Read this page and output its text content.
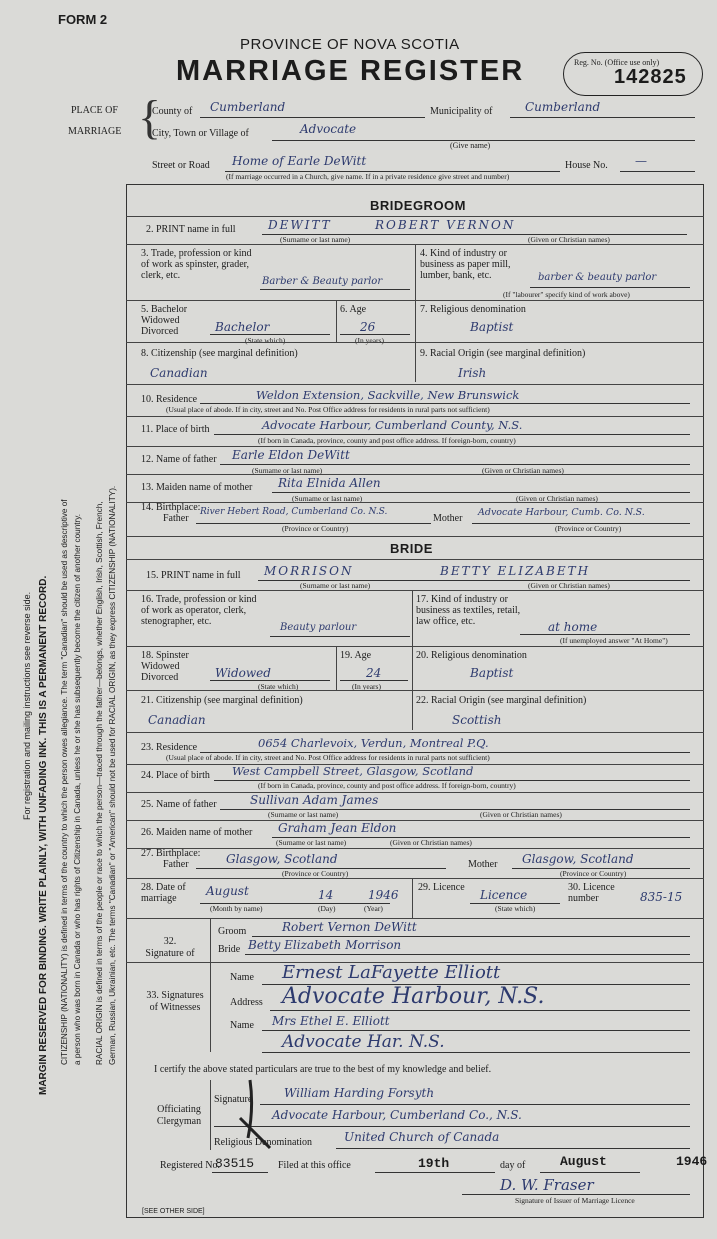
FORM 2
PROVINCE OF NOVA SCOTIA
MARRIAGE REGISTER	Reg. No. (Office use only)
142825
PLACE OF
MARRIAGE {
County of Cumberland	Municipality of	Cumberland
City, Town or Village of	Advocate
(Give name)
Street or Road Home of Earle DeWitt	House No. —
(If marriage occurred in a Church, give name. If in a private residence give street and number)
MARGIN RESERVED FOR BINDING. WRITE PLAINLY, WITH UNFADING INK. THIS IS A PERMANENT RECORD.
For registration and mailing instructions see reverse side.	CITIZENSHIP (NATIONALITY) is defined in terms of the country to which the person owes allegiance. The term "Canadian" should be used as descriptive of a person who was born in Canada or who has rights of Citizenship in Canada, unless he or she has subsequently become the citizen of another country. RACIAL ORIGIN is defined in terms of the people or race to which the person—traced through the father—belongs, whether English, Irish, Scottish, French, German, Russian, Ukrainian, etc. The terms "Canadian" or "American" should not be used for RACIAL ORIGIN, as they express CITIZENSHIP (NATIONALITY).
BRIDEGROOM
2. PRINT name in full	DEWITT	ROBERT VERNON
(Surname or last name)	(Given or Christian names)
3. Trade, profession or kind of work as spinster, grader, clerk, etc.
Barber & Beauty parlor
4. Kind of industry or business as paper mill, lumber, bank, etc.	barber & beauty parlor
(If "labourer" specify kind of work above)
5. Bachelor Widowed Divorced	Bachelor
(State which)
6. Age
26
(In years)
7. Religious denomination
Baptist
8. Citizenship (see marginal definition)
Canadian
9. Racial Origin (see marginal definition)
Irish
10. Residence	Weldon Extension, Sackville, New Brunswick
(Usual place of abode. If in city, street and No. Post Office address for residents in rural parts not sufficient)
11. Place of birth	Advocate Harbour, Cumberland County, N.S.
(If born in Canada, province, county and post office address. If foreign-born, country)
12. Name of father Earle Eldon DeWitt
(Surname or last name)	(Given or Christian names)
13. Maiden name of mother Rita Elnida Allen
(Surname or last name)	(Given or Christian names)
14. Birthplace:
Father
River Hebert Road, Cumberland Co. N.S.
(Province or Country)
Mother
Advocate Harbour, Cumb. Co. N.S.
(Province or Country)
BRIDE
15. PRINT name in full MORRISON	BETTY ELIZABETH
(Surname or last name)	(Given or Christian names)
16. Trade, profession or kind of work as operator, clerk, stenographer, etc.
Beauty parlour
17. Kind of industry or business as textiles, retail, law office, etc.	at home
(If unemployed answer "At Home")
18. Spinster Widowed Divorced	Widowed
(State which)
19. Age
24
(In years)
20. Religious denomination
Baptist
21. Citizenship (see marginal definition)
Canadian
22. Racial Origin (see marginal definition)
Scottish
23. Residence	0654 Charlevoix, Verdun, Montreal P.Q.
(Usual place of abode. If in city, street and No. Post Office address for residents in rural parts not sufficient)
24. Place of birth West Campbell Street, Glasgow, Scotland
(If born in Canada, province, county and post office address. If foreign-born, country)
25. Name of father	Sullivan Adam James
(Surname or last name)	(Given or Christian names)
26. Maiden name of mother Graham Jean Eldon
(Surname or last name)	(Given or Christian names)
27. Birthplace:
Father	Glasgow, Scotland
(Province or Country)
Mother Glasgow, Scotland
(Province or Country)
28. Date of marriage
August	14	1946
(Month by name)	(Day)	(Year)
29. Licence
Licence
(State which)
30. Licence number	835-15
32. Signature of
Groom	Robert Vernon DeWitt
Bride Betty Elizabeth Morrison
33. Signatures of Witnesses
Name Ernest LaFayette Elliott
Address Advocate Harbour, N.S.
Name Mrs Ethel E. Elliott
Advocate Har. N.S.
I certify the above stated particulars are true to the best of my knowledge and belief.
Officiating Clergyman
Signature	William Harding Forsyth
Advocate Harbour, Cumberland Co., N.S.
Religious Denomination	United Church of Canada
Registered No.
83515 Filed at this office	19th	day of	August	1946
D. W. Fraser
Signature of Issuer of Marriage Licence
[SEE OTHER SIDE]
